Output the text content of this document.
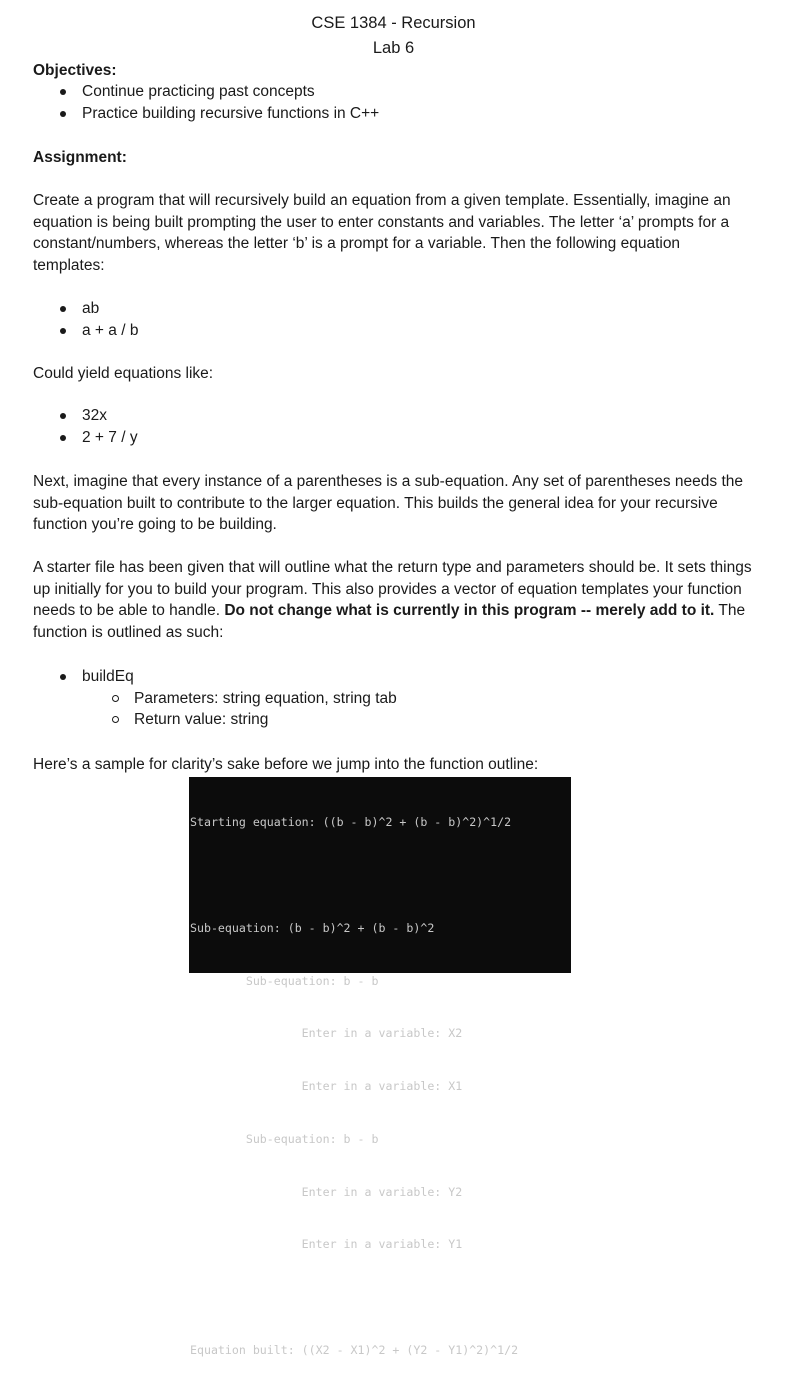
CSE 1384 - Recursion
Lab 6
Objectives:
Continue practicing past concepts
Practice building recursive functions in C++
Assignment:
Create a program that will recursively build an equation from a given template. Essentially, imagine an equation is being built prompting the user to enter constants and variables. The letter ‘a’ prompts for a constant/numbers, whereas the letter ‘b’ is a prompt for a variable. Then the following equation templates:
ab
a + a / b
Could yield equations like:
32x
2 + 7 / y
Next, imagine that every instance of a parentheses is a sub-equation. Any set of parentheses needs the sub-equation built to contribute to the larger equation. This builds the general idea for your recursive function you’re going to be building.
A starter file has been given that will outline what the return type and parameters should be. It sets things up initially for you to build your program. This also provides a vector of equation templates your function needs to be able to handle. Do not change what is currently in this program -- merely add to it. The function is outlined as such:
buildEq
Parameters: string equation, string tab
Return value: string
Here’s a sample for clarity’s sake before we jump into the function outline:

Starting equation: ((b - b)^2 + (b - b)^2)^1/2

Sub-equation: (b - b)^2 + (b - b)^2

Sub-equation: b - b

Enter in a variable: X2

Enter in a variable: X1

Sub-equation: b - b

Enter in a variable: Y2

Enter in a variable: Y1

Equation built: ((X2 - X1)^2 + (Y2 - Y1)^2)^1/2
